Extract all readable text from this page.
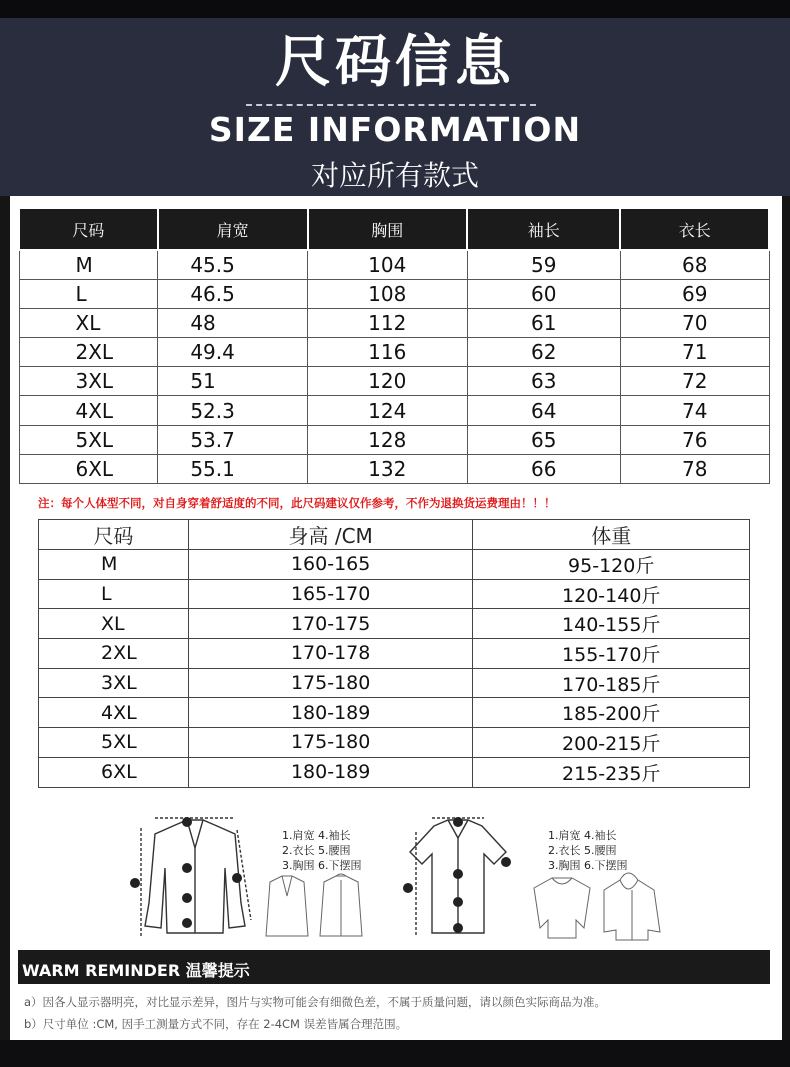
尺码信息
SIZE INFORMATION
对应所有款式
尺码	肩宽	胸围	袖长	衣长
M	45.5	104	59	68
L	46.5	108	60	69
XL	48	112	61	70
2XL	49.4	116	62	71
3XL	51	120	63	72
4XL	52.3	124	64	74
5XL	53.7	128	65	76
6XL	55.1	132	66	78
注：每个人体型不同，对自身穿着舒适度的不同，此尺码建议仅作参考，不作为退换货运费理由！！！
尺码	身高 /CM	体重
M	160-165	95-120斤
L	165-170	120-140斤
XL	170-175	140-155斤
2XL	170-178	155-170斤
3XL	175-180	170-185斤
4XL	180-189	185-200斤
5XL	175-180	200-215斤
6XL	180-189	215-235斤
1.肩宽 4.袖长
2.衣长 5.腰围
3.胸围 6.下摆围
1.肩宽 4.袖长
2.衣长 5.腰围
3.胸围 6.下摆围
WARM REMINDER 温馨提示
a）因各人显示器明亮，对比显示差异，图片与实物可能会有细微色差，不属于质量问题，请以颜色实际商品为准。
b）尺寸单位 :CM, 因手工测量方式不同，存在 2-4CM 误差皆属合理范围。
